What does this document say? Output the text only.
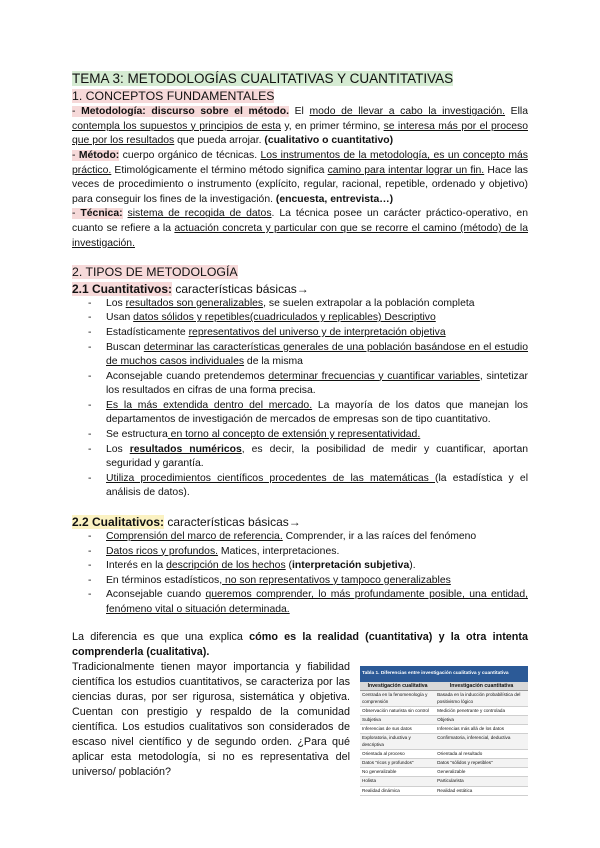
TEMA 3: METODOLOGÍAS CUALITATIVAS Y CUANTITATIVAS
1. CONCEPTOS FUNDAMENTALES

- Metodología: discurso sobre el método. El modo de llevar a cabo la investigación. Ella contempla los supuestos y principios de esta y, en primer término, se interesa más por el proceso que por los resultados que pueda arrojar. (cualitativo o cuantitativo)

- Método: cuerpo orgánico de técnicas. Los instrumentos de la metodología, es un concepto más práctico. Etimológicamente el término método significa camino para intentar lograr un fin. Hace las veces de procedimiento o instrumento (explícito, regular, racional, repetible, ordenado y objetivo) para conseguir los fines de la investigación. (encuesta, entrevista…)

- Técnica: sistema de recogida de datos. La técnica posee un carácter práctico-operativo, en cuanto se refiere a la actuación concreta y particular con que se recorre el camino (método) de la investigación.

2. TIPOS DE METODOLOGÍA
2.1 Cuantitativos: características básicas→
- Los resultados son generalizables, se suelen extrapolar a la población completa
- Usan datos sólidos y repetibles(cuadriculados y replicables) Descriptivo
- Estadísticamente representativos del universo y de interpretación objetiva
- Buscan determinar las características generales de una población basándose en el estudio de muchos casos individuales de la misma
- Aconsejable cuando pretendemos determinar frecuencias y cuantificar variables, sintetizar los resultados en cifras de una forma precisa.
- Es la más extendida dentro del mercado. La mayoría de los datos que manejan los departamentos de investigación de mercados de empresas son de tipo cuantitativo.
- Se estructura en torno al concepto de extensión y representatividad.
- Los resultados numéricos, es decir, la posibilidad de medir y cuantificar, aportan seguridad y garantía.
- Utiliza procedimientos científicos procedentes de las matemáticas (la estadística y el análisis de datos).
2.2 Cualitativos: características básicas→
- Comprensión del marco de referencia. Comprender, ir a las raíces del fenómeno
- Datos ricos y profundos. Matices, interpretaciones.
- Interés en la descripción de los hechos (interpretación subjetiva).
- En términos estadísticos, no son representativos y tampoco generalizables
- Aconsejable cuando queremos comprender, lo más profundamente posible, una entidad, fenómeno vital o situación determinada.

La diferencia es que una explica cómo es la realidad (cuantitativa) y la otra intenta comprenderla (cualitativa).

Tradicionalmente tienen mayor importancia y fiabilidad científica los estudios cuantitativos, se caracteriza por las ciencias duras, por ser rigurosa, sistemática y objetiva. Cuentan con prestigio y respaldo de la comunidad científica. Los estudios cualitativos son considerados de escaso nivel científico y de segundo orden. ¿Para qué aplicar esta metodología, si no es representativa del universo/ población?

Tabla 1. Diferencias entre investigación cualitativa y cuantitativa
Investigación cualitativa	Investigación cuantitativa
Centrada en la fenomenología y comprensión	Basada en la inducción probabilística del positivismo lógico
Observación naturista sin control	Medición penetrante y controlada
Subjetiva	Objetiva
Inferencias de sus datos	Inferencias más allá de los datos
Exploratoria, inductiva y descriptiva	Confirmatoria, inferencial, deductiva
Orientada al proceso	Orientada al resultado
Datos "ricos y profundos"	Datos "sólidos y repetibles"
No generalizable	Generalizable
Holista	Particularista
Realidad dinámica	Realidad estática
